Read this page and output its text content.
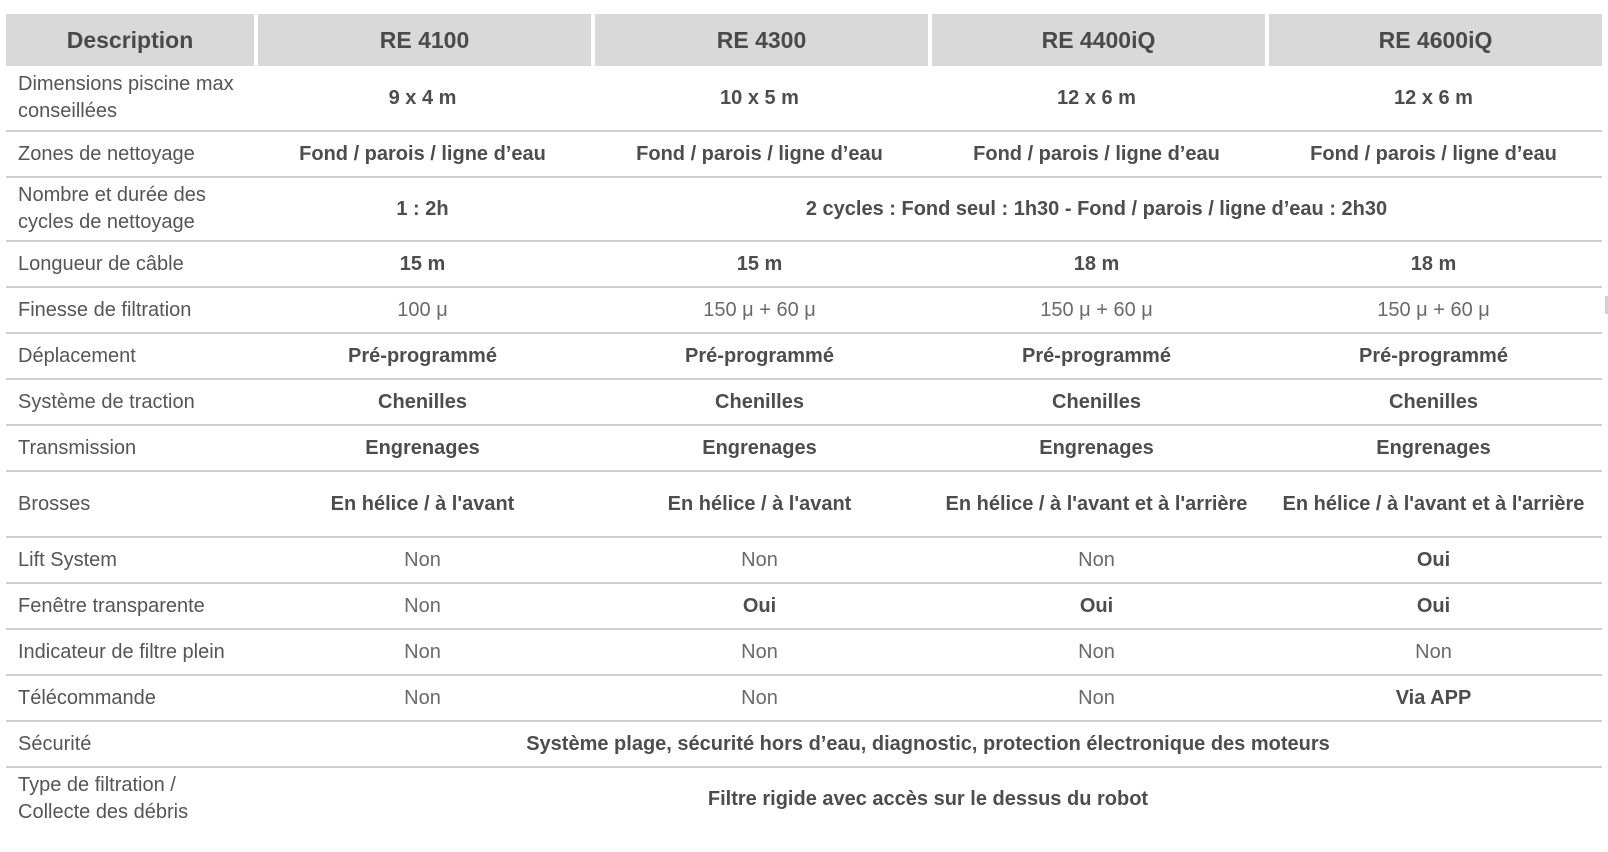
Description	RE 4100	RE 4300	RE 4400iQ	RE 4600iQ
Dimensions piscine max conseillées	9 x 4 m	10 x 5 m	12 x 6 m	12 x 6 m
Zones de nettoyage	Fond / parois / ligne d’eau	Fond / parois / ligne d’eau	Fond / parois / ligne d’eau	Fond / parois / ligne d’eau
Nombre et durée des cycles de nettoyage	1 : 2h	2 cycles : Fond seul : 1h30 - Fond / parois / ligne d’eau : 2h30		
Longueur de câble	15 m	15 m	18 m	18 m
Finesse de filtration	100 μ	150 μ + 60 μ	150 μ + 60 μ	150 μ + 60 μ
Déplacement	Pré-programmé	Pré-programmé	Pré-programmé	Pré-programmé
Système de traction	Chenilles	Chenilles	Chenilles	Chenilles
Transmission	Engrenages	Engrenages	Engrenages	Engrenages
Brosses	En hélice / à l'avant	En hélice / à l'avant	En hélice / à l'avant et à l'arrière	En hélice / à l'avant et à l'arrière
Lift System	Non	Non	Non	Oui
Fenêtre transparente	Non	Oui	Oui	Oui
Indicateur de filtre plein	Non	Non	Non	Non
Télécommande	Non	Non	Non	Via APP
Sécurité	Système plage, sécurité hors d’eau, diagnostic, protection électronique des moteurs			
Type de filtration / Collecte des débris	Filtre rigide avec accès sur le dessus du robot			
